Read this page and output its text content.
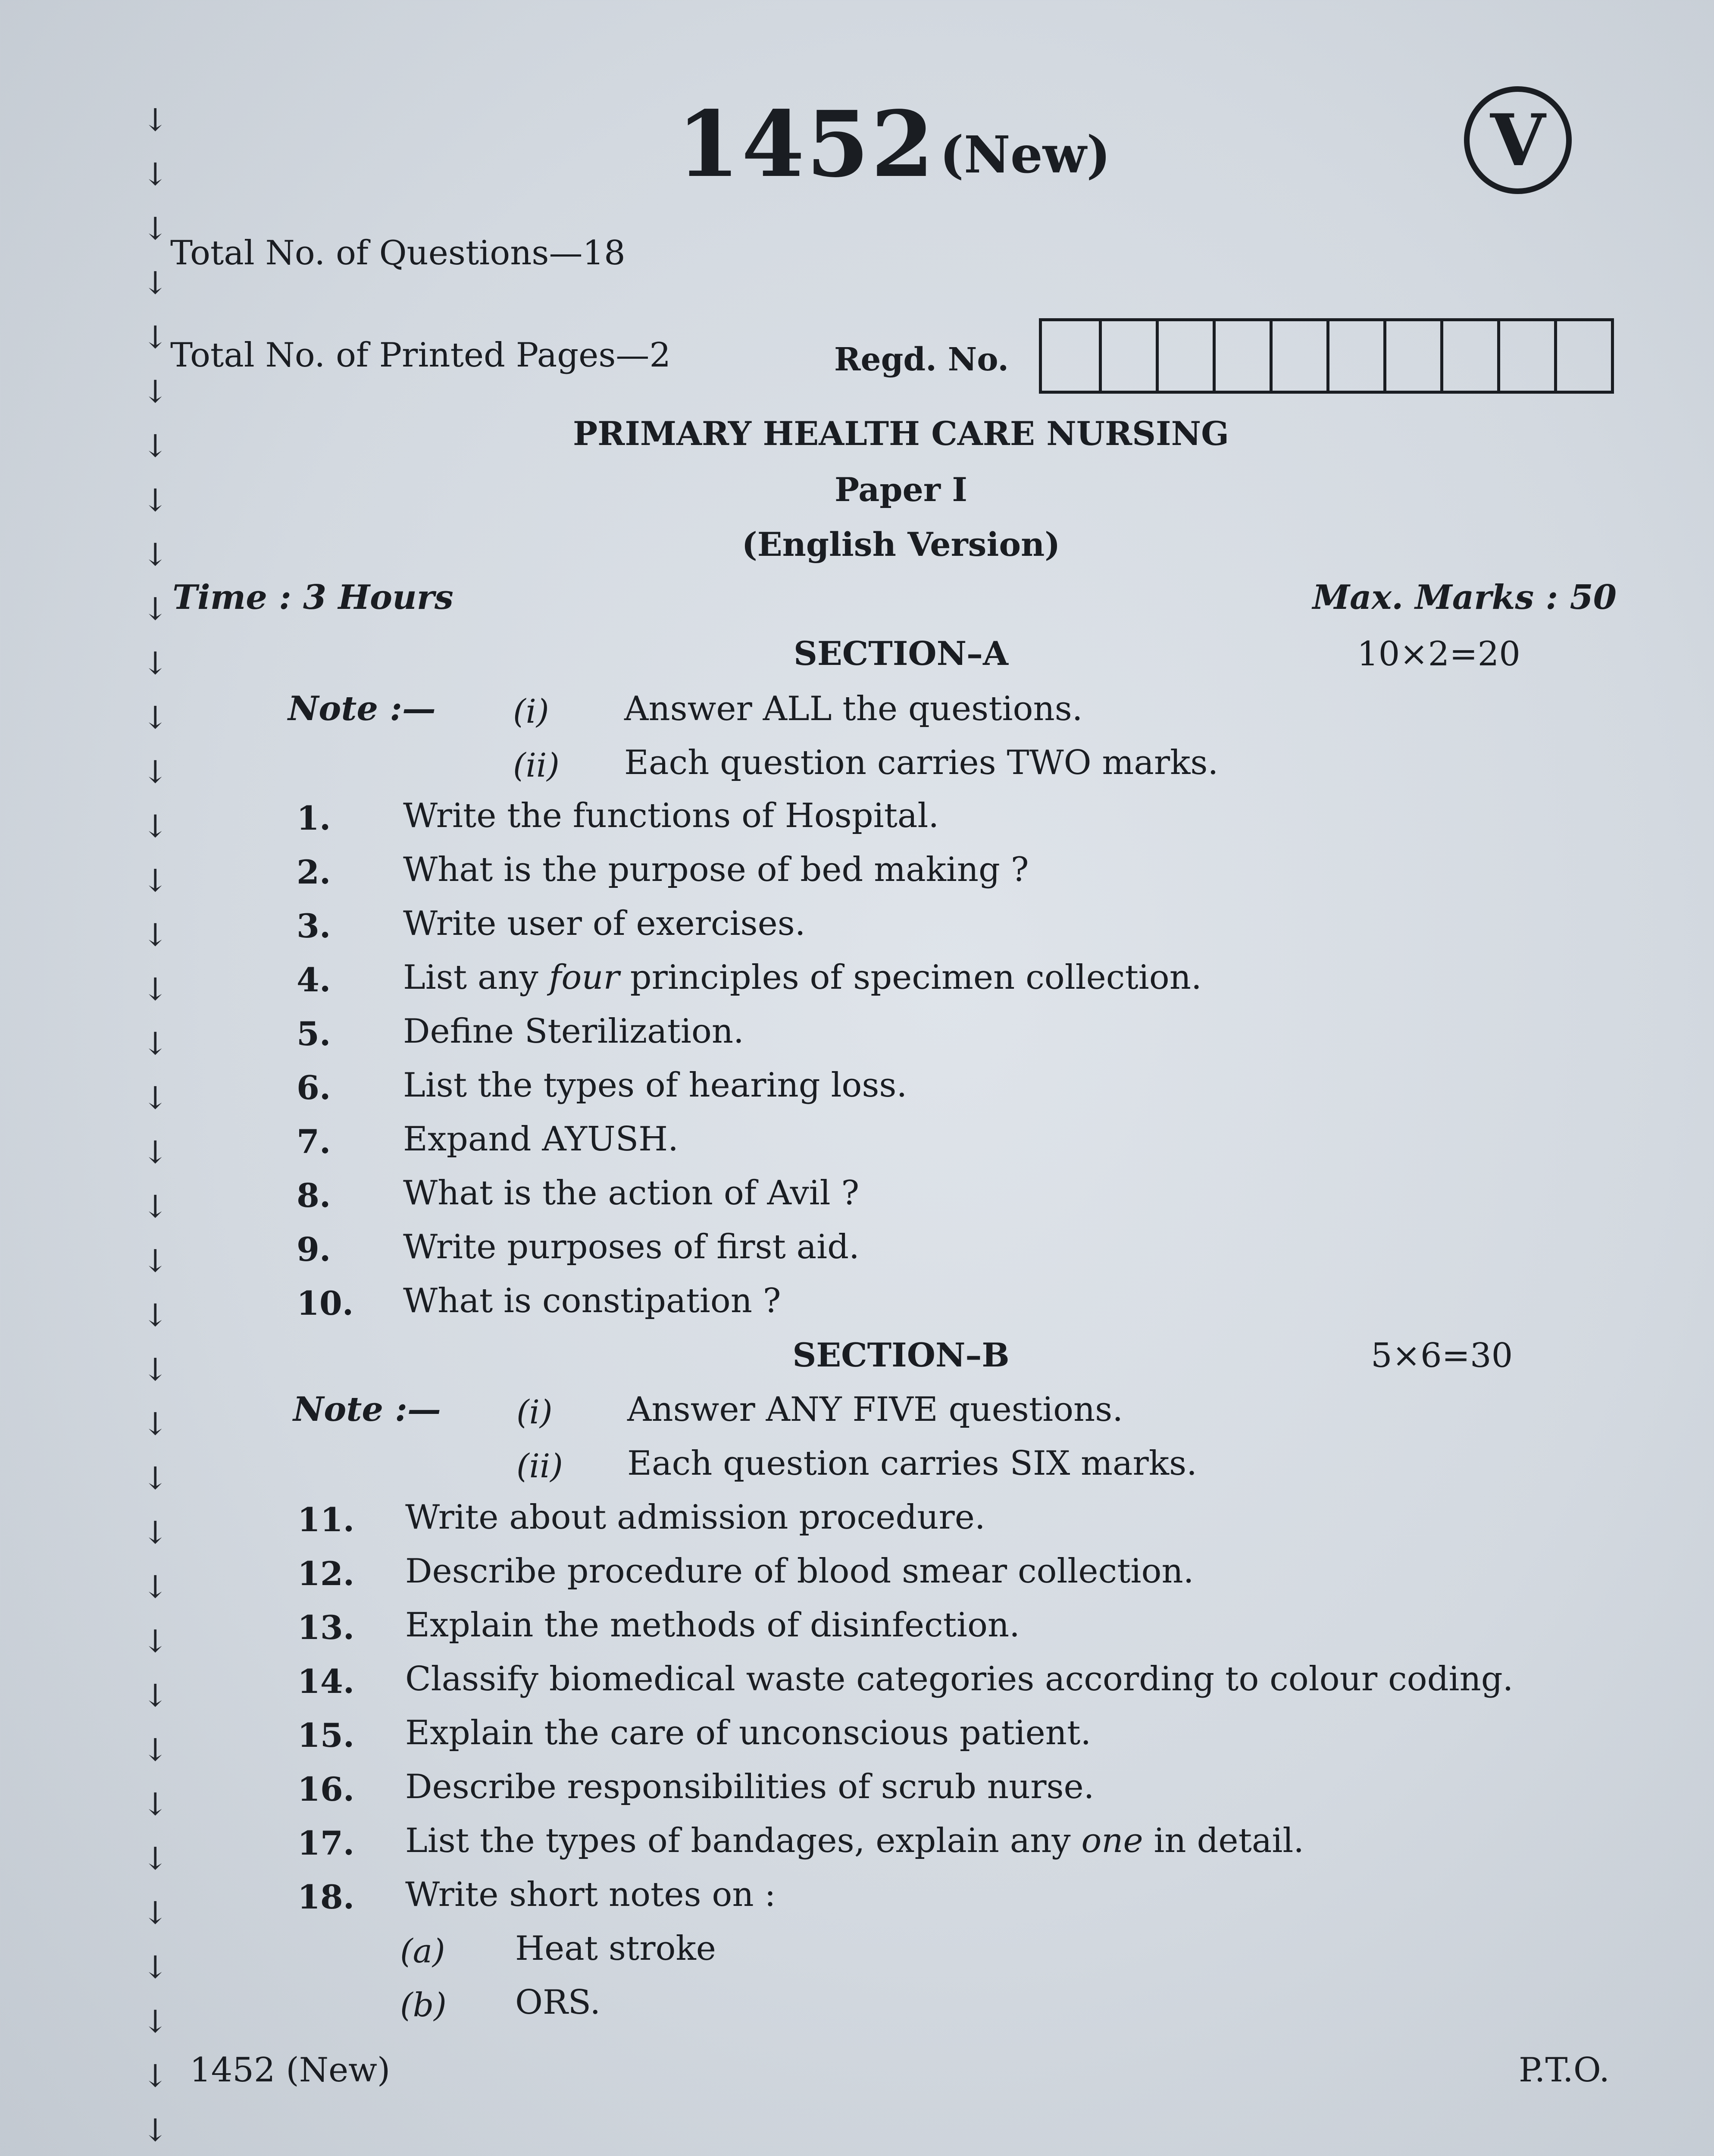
↓
↓
↓
↓
↓
↓
↓
↓
↓
↓
↓
↓
↓
↓
↓
↓
↓
↓
↓
↓
↓
↓
↓
↓
↓
↓
↓
↓
↓
↓
↓
↓
↓
↓
↓
↓
↓
↓
1452 (New)	V
Total No. of Questions—18
Total No. of Printed Pages—2	Regd. No.
PRIMARY HEALTH CARE NURSING
Paper I
(English Version)
Time : 3 Hours	Max. Marks : 50
SECTION–A	10×2=20
Note :— (i) Answer ALL the questions.
(ii) Each question carries TWO marks.
1. Write the functions of Hospital.
2. What is the purpose of bed making ?
3. Write user of exercises.
4. List any four principles of specimen collection.
5. Define Sterilization.
6. List the types of hearing loss.
7. Expand AYUSH.
8. What is the action of Avil ?
9. Write purposes of first aid.
10. What is constipation ?
SECTION–B	5×6=30
Note :— (i) Answer ANY FIVE questions.
(ii) Each question carries SIX marks.
11. Write about admission procedure.
12. Describe procedure of blood smear collection.
13. Explain the methods of disinfection.
14. Classify biomedical waste categories according to colour coding.
15. Explain the care of unconscious patient.
16. Describe responsibilities of scrub nurse.
17. List the types of bandages, explain any one in detail.
18. Write short notes on :
(a) Heat stroke
(b) ORS.
1452 (New)	P.T.O.
